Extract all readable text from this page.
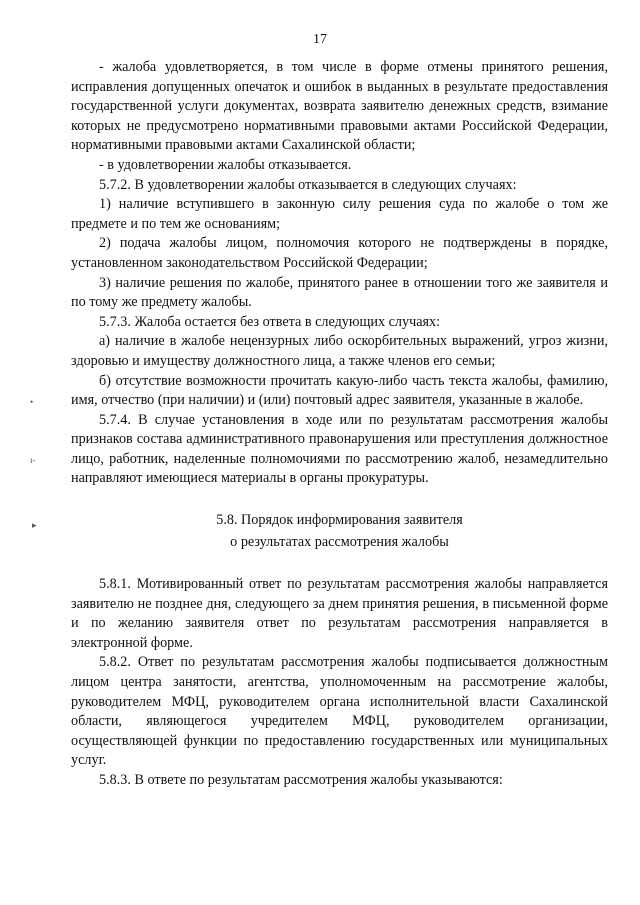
17
•
ı-
▸

- жалоба удовлетворяется, в том числе в форме отмены принятого решения, исправления допущенных опечаток и ошибок в выданных в результате предоставления государственной услуги документах, возврата заявителю денежных средств, взимание которых не предусмотрено нормативными правовыми актами Российской Федерации, нормативными правовыми актами Сахалинской области;

- в удовлетворении жалобы отказывается.

5.7.2. В удовлетворении жалобы отказывается в следующих случаях:

1) наличие вступившего в законную силу решения суда по жалобе о том же предмете и по тем же основаниям;

2) подача жалобы лицом, полномочия которого не подтверждены в порядке, установленном законодательством Российской Федерации;

3) наличие решения по жалобе, принятого ранее в отношении того же заявителя и по тому же предмету жалобы.

5.7.3. Жалоба остается без ответа в следующих случаях:

а) наличие в жалобе нецензурных либо оскорбительных выражений, угроз жизни, здоровью и имуществу должностного лица, а также членов его семьи;

б) отсутствие возможности прочитать какую-либо часть текста жалобы, фамилию, имя, отчество (при наличии) и (или) почтовый адрес заявителя, указанные в жалобе.

5.7.4. В случае установления в ходе или по результатам рассмотрения жалобы признаков состава административного правонарушения или преступления должностное лицо, работник, наделенные полномочиями по рассмотрению жалоб, незамедлительно направляют имеющиеся материалы в органы прокуратуры.

5.8. Порядок информирования заявителя
о результатах рассмотрения жалобы

5.8.1. Мотивированный ответ по результатам рассмотрения жалобы направляется заявителю не позднее дня, следующего за днем принятия решения, в письменной форме и по желанию заявителя ответ по результатам рассмотрения направляется в электронной форме.

5.8.2. Ответ по результатам рассмотрения жалобы подписывается должностным лицом центра занятости, агентства, уполномоченным на рассмотрение жалобы, руководителем МФЦ, руководителем органа исполнительной власти Сахалинской области, являющегося учредителем МФЦ, руководителем организации, осуществляющей функции по предоставлению государственных или муниципальных услуг.

5.8.3. В ответе по результатам рассмотрения жалобы указываются:
